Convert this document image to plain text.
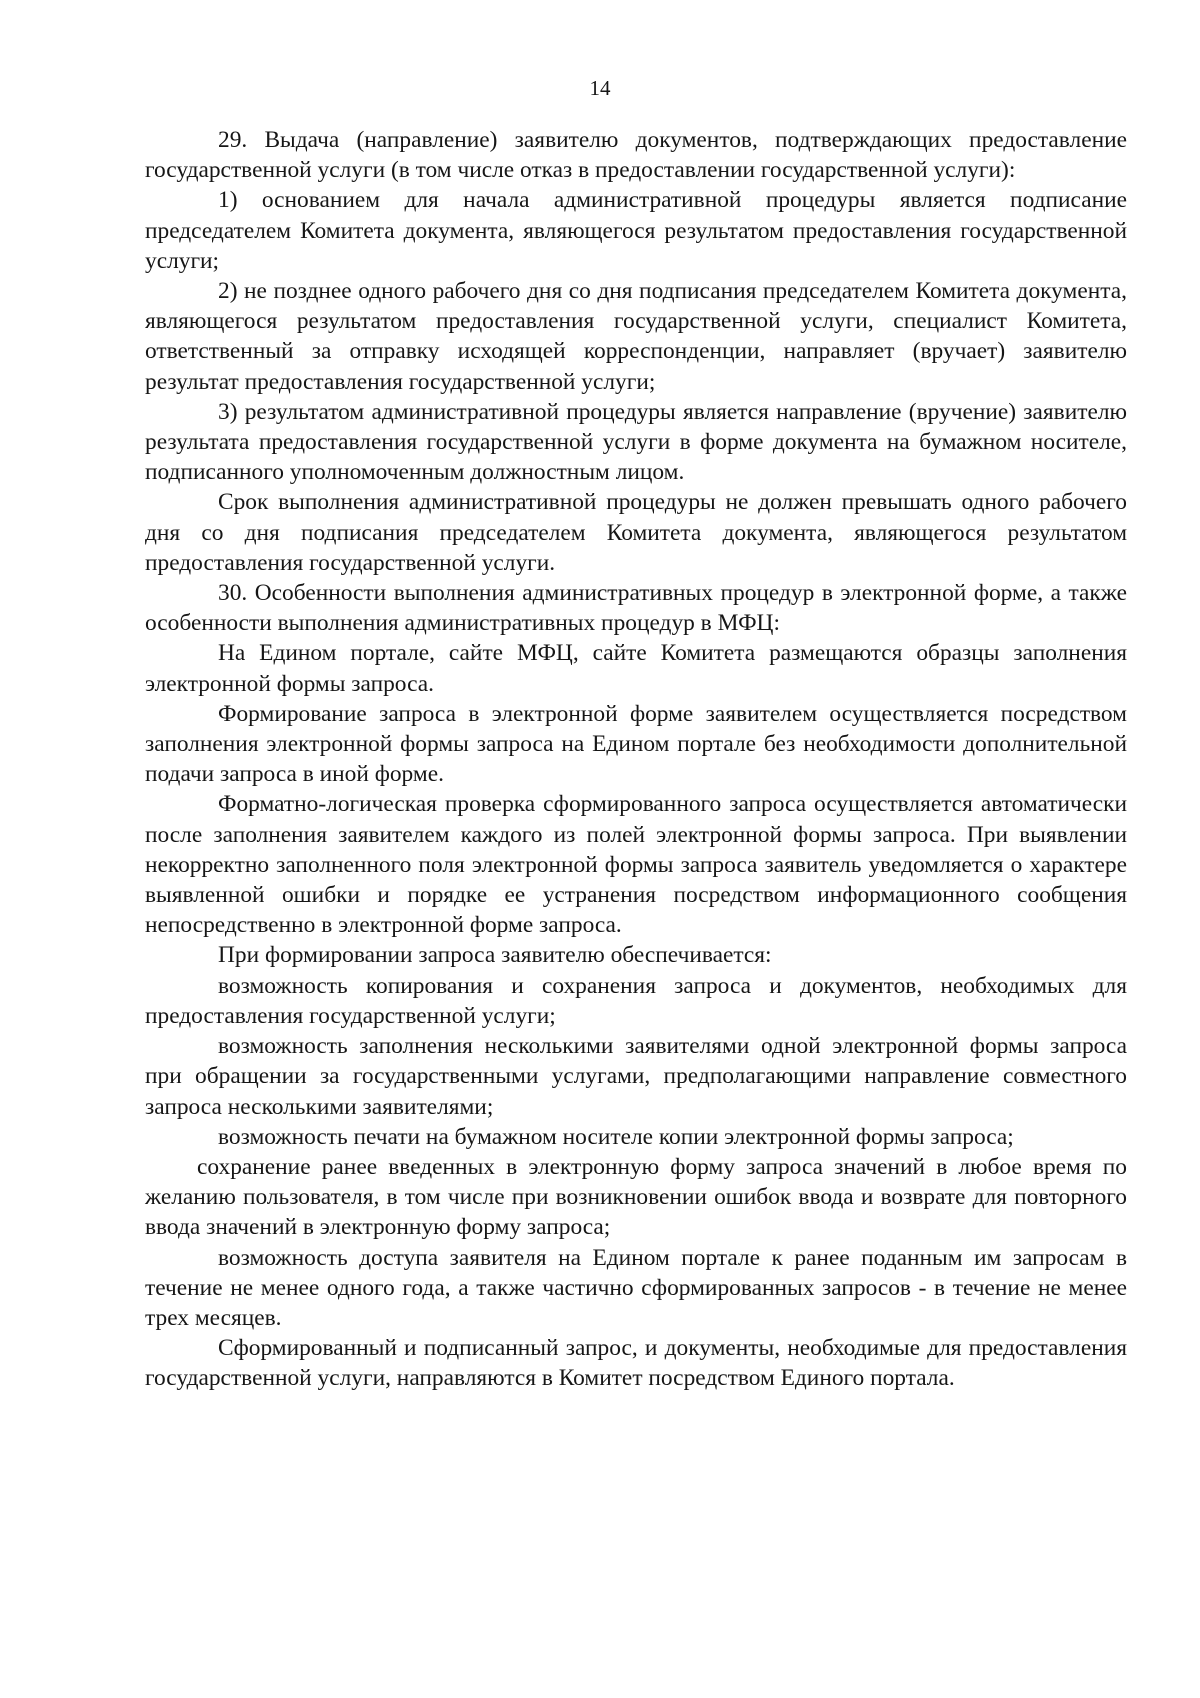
14

29. Выдача (направление) заявителю документов, подтверждающих предоставление государственной услуги (в том числе отказ в предоставлении государственной услуги):

1) основанием для начала административной процедуры является подписание председателем Комитета документа, являющегося результатом предоставления государственной услуги;

2) не позднее одного рабочего дня со дня подписания председателем Комитета документа, являющегося результатом предоставления государственной услуги, специалист Комитета, ответственный за отправку исходящей корреспонденции, направляет (вручает) заявителю результат предоставления государственной услуги;

3) результатом административной процедуры является направление (вручение) заявителю результата предоставления государственной услуги в форме документа на бумажном носителе, подписанного уполномоченным должностным лицом.

Срок выполнения административной процедуры не должен превышать одного рабочего дня со дня подписания председателем Комитета документа, являющегося результатом предоставления государственной услуги.

30. Особенности выполнения административных процедур в электронной форме, а также особенности выполнения административных процедур в МФЦ:

На Едином портале, сайте МФЦ, сайте Комитета размещаются образцы заполнения электронной формы запроса.

Формирование запроса в электронной форме заявителем осуществляется посредством заполнения электронной формы запроса на Едином портале без необходимости дополнительной подачи запроса в иной форме.

Форматно-логическая проверка сформированного запроса осуществляется автоматически после заполнения заявителем каждого из полей электронной формы запроса. При выявлении некорректно заполненного поля электронной формы запроса заявитель уведомляется о характере выявленной ошибки и порядке ее устранения посредством информационного сообщения непосредственно в электронной форме запроса.

При формировании запроса заявителю обеспечивается:

возможность копирования и сохранения запроса и документов, необходимых для предоставления государственной услуги;

возможность заполнения несколькими заявителями одной электронной формы запроса при обращении за государственными услугами, предполагающими направление совместного запроса несколькими заявителями;

возможность печати на бумажном носителе копии электронной формы запроса;

сохранение ранее введенных в электронную форму запроса значений в любое время по желанию пользователя, в том числе при возникновении ошибок ввода и возврате для повторного ввода значений в электронную форму запроса;

возможность доступа заявителя на Едином портале к ранее поданным им запросам в течение не менее одного года, а также частично сформированных запросов - в течение не менее трех месяцев.

Сформированный и подписанный запрос, и документы, необходимые для предоставления государственной услуги, направляются в Комитет посредством Единого портала.
